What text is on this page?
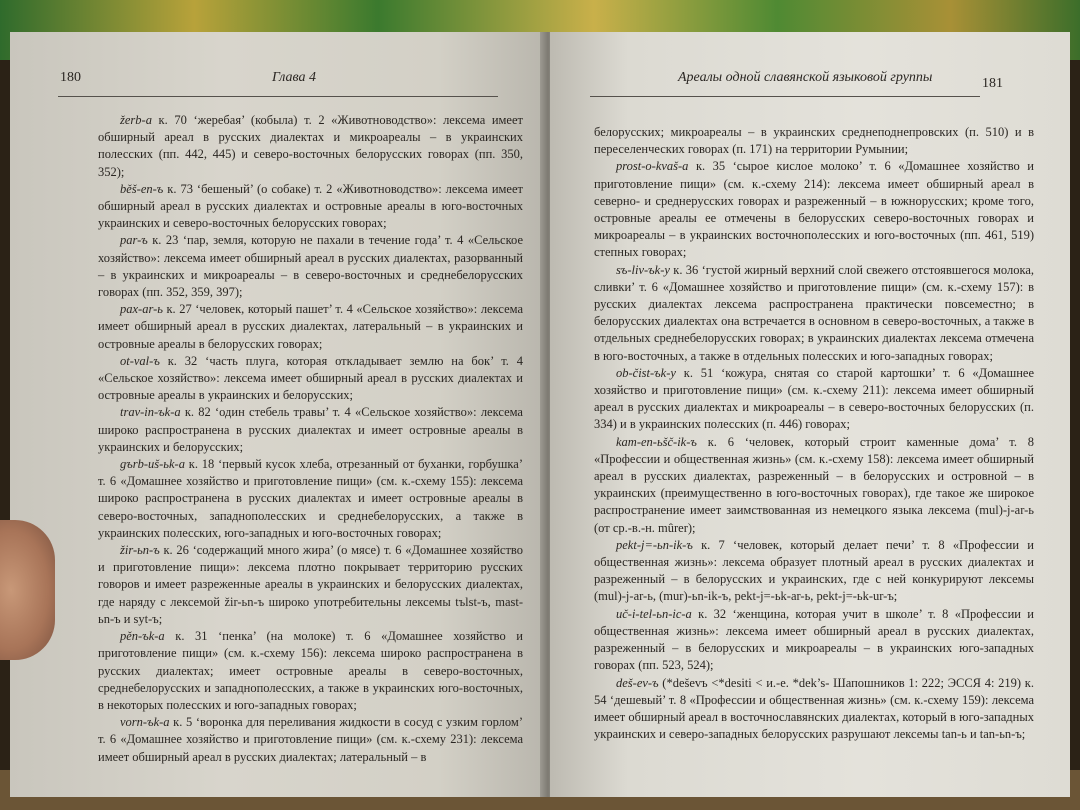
180	Глава 4

žerb-a к. 70 ‘жеребая’ (кобыла) т. 2 «Животноводство»: лексема имеет обширный ареал в русских диалектах и микроареалы – в украинских полесских (пп. 442, 445) и северо-восточных белорусских говорах (пп. 350, 352);

běš-en-ъ к. 73 ‘бешеный’ (о собаке) т. 2 «Животноводство»: лексема имеет обширный ареал в русских диалектах и островные ареалы в юго-восточных украинских и северо-восточных белорусских говорах;

par-ъ к. 23 ‘пар, земля, которую не пахали в течение года’ т. 4 «Сельское хозяйство»: лексема имеет обширный ареал в русских диалектах, разорванный – в украинских и микроареалы – в северо-восточных и среднебелорусских говорах (пп. 352, 359, 397);

pax-ar-ь к. 27 ‘человек, который пашет’ т. 4 «Сельское хозяйство»: лексема имеет обширный ареал в русских диалектах, латеральный – в украинских и островные ареалы в белорусских говорах;

ot-val-ъ к. 32 ‘часть плуга, которая откладывает землю на бок’ т. 4 «Сельское хозяйство»: лексема имеет обширный ареал в русских диалектах и островные ареалы в украинских и белорусских;

trav-in-ъk-a к. 82 ‘один стебель травы’ т. 4 «Сельское хозяйство»: лексема широко распространена в русских диалектах и имеет островные ареалы в украинских и белорусских;

gъrb-uš-ьk-a к. 18 ‘первый кусок хлеба, отрезанный от буханки, горбушка’ т. 6 «Домашнее хозяйство и приготовление пищи» (см. к.-схему 155): лексема широко распространена в русских диалектах и имеет островные ареалы в северо-восточных, западнополесских и среднебелорусских, а также в украинских полесских, юго-западных и юго-восточных говорах;

žir-ьn-ъ к. 26 ‘содержащий много жира’ (о мясе) т. 6 «Домашнее хозяйство и приготовление пищи»: лексема плотно покрывает территорию русских говоров и имеет разреженные ареалы в украинских и белорусских диалектах, где наряду с лексемой žir-ьn-ъ широко употребительны лексемы tъlst-ъ, mast-ьn-ъ и syt-ъ;

pěn-ъk-a к. 31 ‘пенка’ (на молоке) т. 6 «Домашнее хозяйство и приготовление пищи» (см. к.-схему 156): лексема широко распространена в русских диалектах; имеет островные ареалы в северо-восточных, среднебелорусских и западнополесских, а также в украинских юго-восточных, в некоторых полесских и юго-западных говорах;

vorn-ъk-a к. 5 ‘воронка для переливания жидкости в сосуд с узким горлом’ т. 6 «Домашнее хозяйство и приготовление пищи» (см. к.-схему 231): лексема имеет обширный ареал в русских диалектах; латеральный – в

Ареалы одной славянской языковой группы	181

белорусских; микроареалы – в украинских среднеподнепровских (п. 510) и в переселенческих говорах (п. 171) на территории Румынии;

prost-o-kvaš-a к. 35 ‘сырое кислое молоко’ т. 6 «Домашнее хозяйство и приготовление пищи» (см. к.-схему 214): лексема имеет обширный ареал в северно- и среднерусских говорах и разреженный – в южнорусских; кроме того, островные ареалы ее отмечены в белорусских северо-восточных говорах и микроареалы – в украинских восточнополесских и юго-восточных (пп. 461, 519) степных говорах;

sъ-liv-ъk-y к. 36 ‘густой жирный верхний слой свежего отстоявшегося молока, сливки’ т. 6 «Домашнее хозяйство и приготовление пищи» (см. к.-схему 157): в русских диалектах лексема распространена практически повсеместно; в белорусских диалектах она встречается в основном в северо-восточных, а также в отдельных среднебелорусских говорах; в украинских диалектах лексема отмечена в юго-восточных, а также в отдельных полесских и юго-западных говорах;

ob-čist-ъk-y к. 51 ‘кожура, снятая со старой картошки’ т. 6 «Домашнее хозяйство и приготовление пищи» (см. к.-схему 211): лексема имеет обширный ареал в русских диалектах и микроареалы – в северо-восточных белорусских (п. 334) и в украинских полесских (п. 446) говорах;

kam-en-ьšč-ik-ъ к. 6 ‘человек, который строит каменные дома’ т. 8 «Профессии и общественная жизнь» (см. к.-схему 158): лексема имеет обширный ареал в русских диалектах, разреженный – в белорусских и островной – в украинских (преимущественно в юго-восточных говорах), где такое же широкое распространение имеет заимствованная из немецкого языка лексема (mul)-j-ar-ь (от ср.-в.-н. mûrer);

pekt-j=-ьn-ik-ъ к. 7 ‘человек, который делает печи’ т. 8 «Профессии и общественная жизнь»: лексема образует плотный ареал в русских диалектах и разреженный – в белорусских и украинских, где с ней конкурируют лексемы (mul)-j-ar-ь, (mur)-ьn-ik-ъ, pekt-j=-ьk-ar-ь, pekt-j=-ьk-ur-ъ;

uč-i-tel-ьn-ic-a к. 32 ‘женщина, которая учит в школе’ т. 8 «Профессии и общественная жизнь»: лексема имеет обширный ареал в русских диалектах, разреженный – в белорусских и микроареалы – в украинских юго-западных говорах (пп. 523, 524);

dеš-ev-ъ (*deševъ <*desiti < и.-е. *dek’s- Шапошников 1: 222; ЭССЯ 4: 219) к. 54 ‘дешевый’ т. 8 «Профессии и общественная жизнь» (см. к.-схему 159): лексема имеет обширный ареал в восточнославянских диалектах, который в юго-западных украинских и северо-западных белорусских разрушают лексемы tan-ь и tan-ьn-ъ;
